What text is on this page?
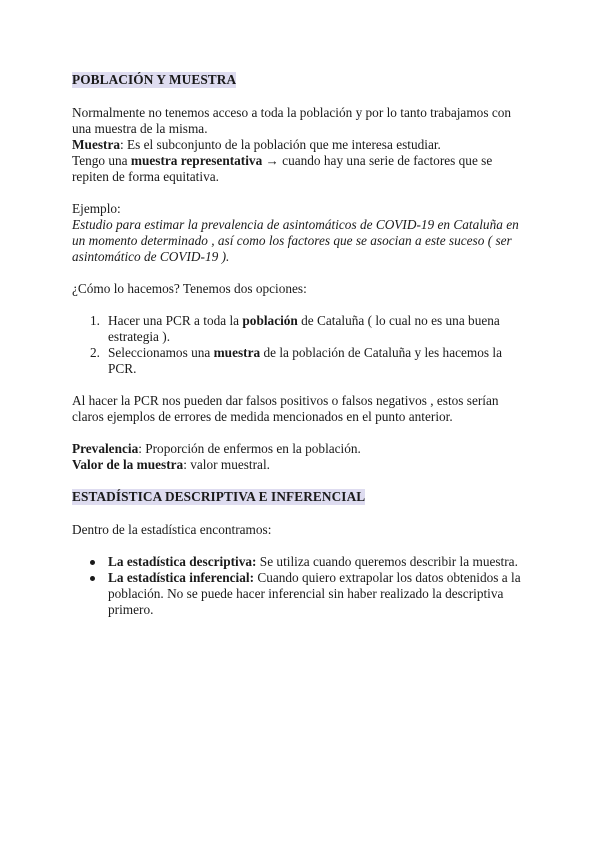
POBLACIÓN Y MUESTRA

Normalmente no tenemos acceso a toda la población y por lo tanto trabajamos con una muestra de la misma.

Muestra: Es el subconjunto de la población que me interesa estudiar.

Tengo una muestra representativa → cuando hay una serie de factores que se repiten de forma equitativa.

Ejemplo:

Estudio para estimar la prevalencia de asintomáticos de COVID-19 en Cataluña en un momento determinado , así como los factores que se asocian a este suceso ( ser asintomático de COVID-19 ).

¿Cómo lo hacemos? Tenemos dos opciones:

1. Hacer una PCR a toda la población de Cataluña ( lo cual no es una buena estrategia ).
2. Seleccionamos una muestra de la población de Cataluña y les hacemos la PCR.

Al hacer la PCR nos pueden dar falsos positivos o falsos negativos , estos serían claros ejemplos de errores de medida mencionados en el punto anterior.

Prevalencia: Proporción de enfermos en la población.

Valor de la muestra: valor muestral.

ESTADÍSTICA DESCRIPTIVA E INFERENCIAL

Dentro de la estadística encontramos:

La estadística descriptiva: Se utiliza cuando queremos describir la muestra.
La estadística inferencial: Cuando quiero extrapolar los datos obtenidos a la población. No se puede hacer inferencial sin haber realizado la descriptiva primero.
